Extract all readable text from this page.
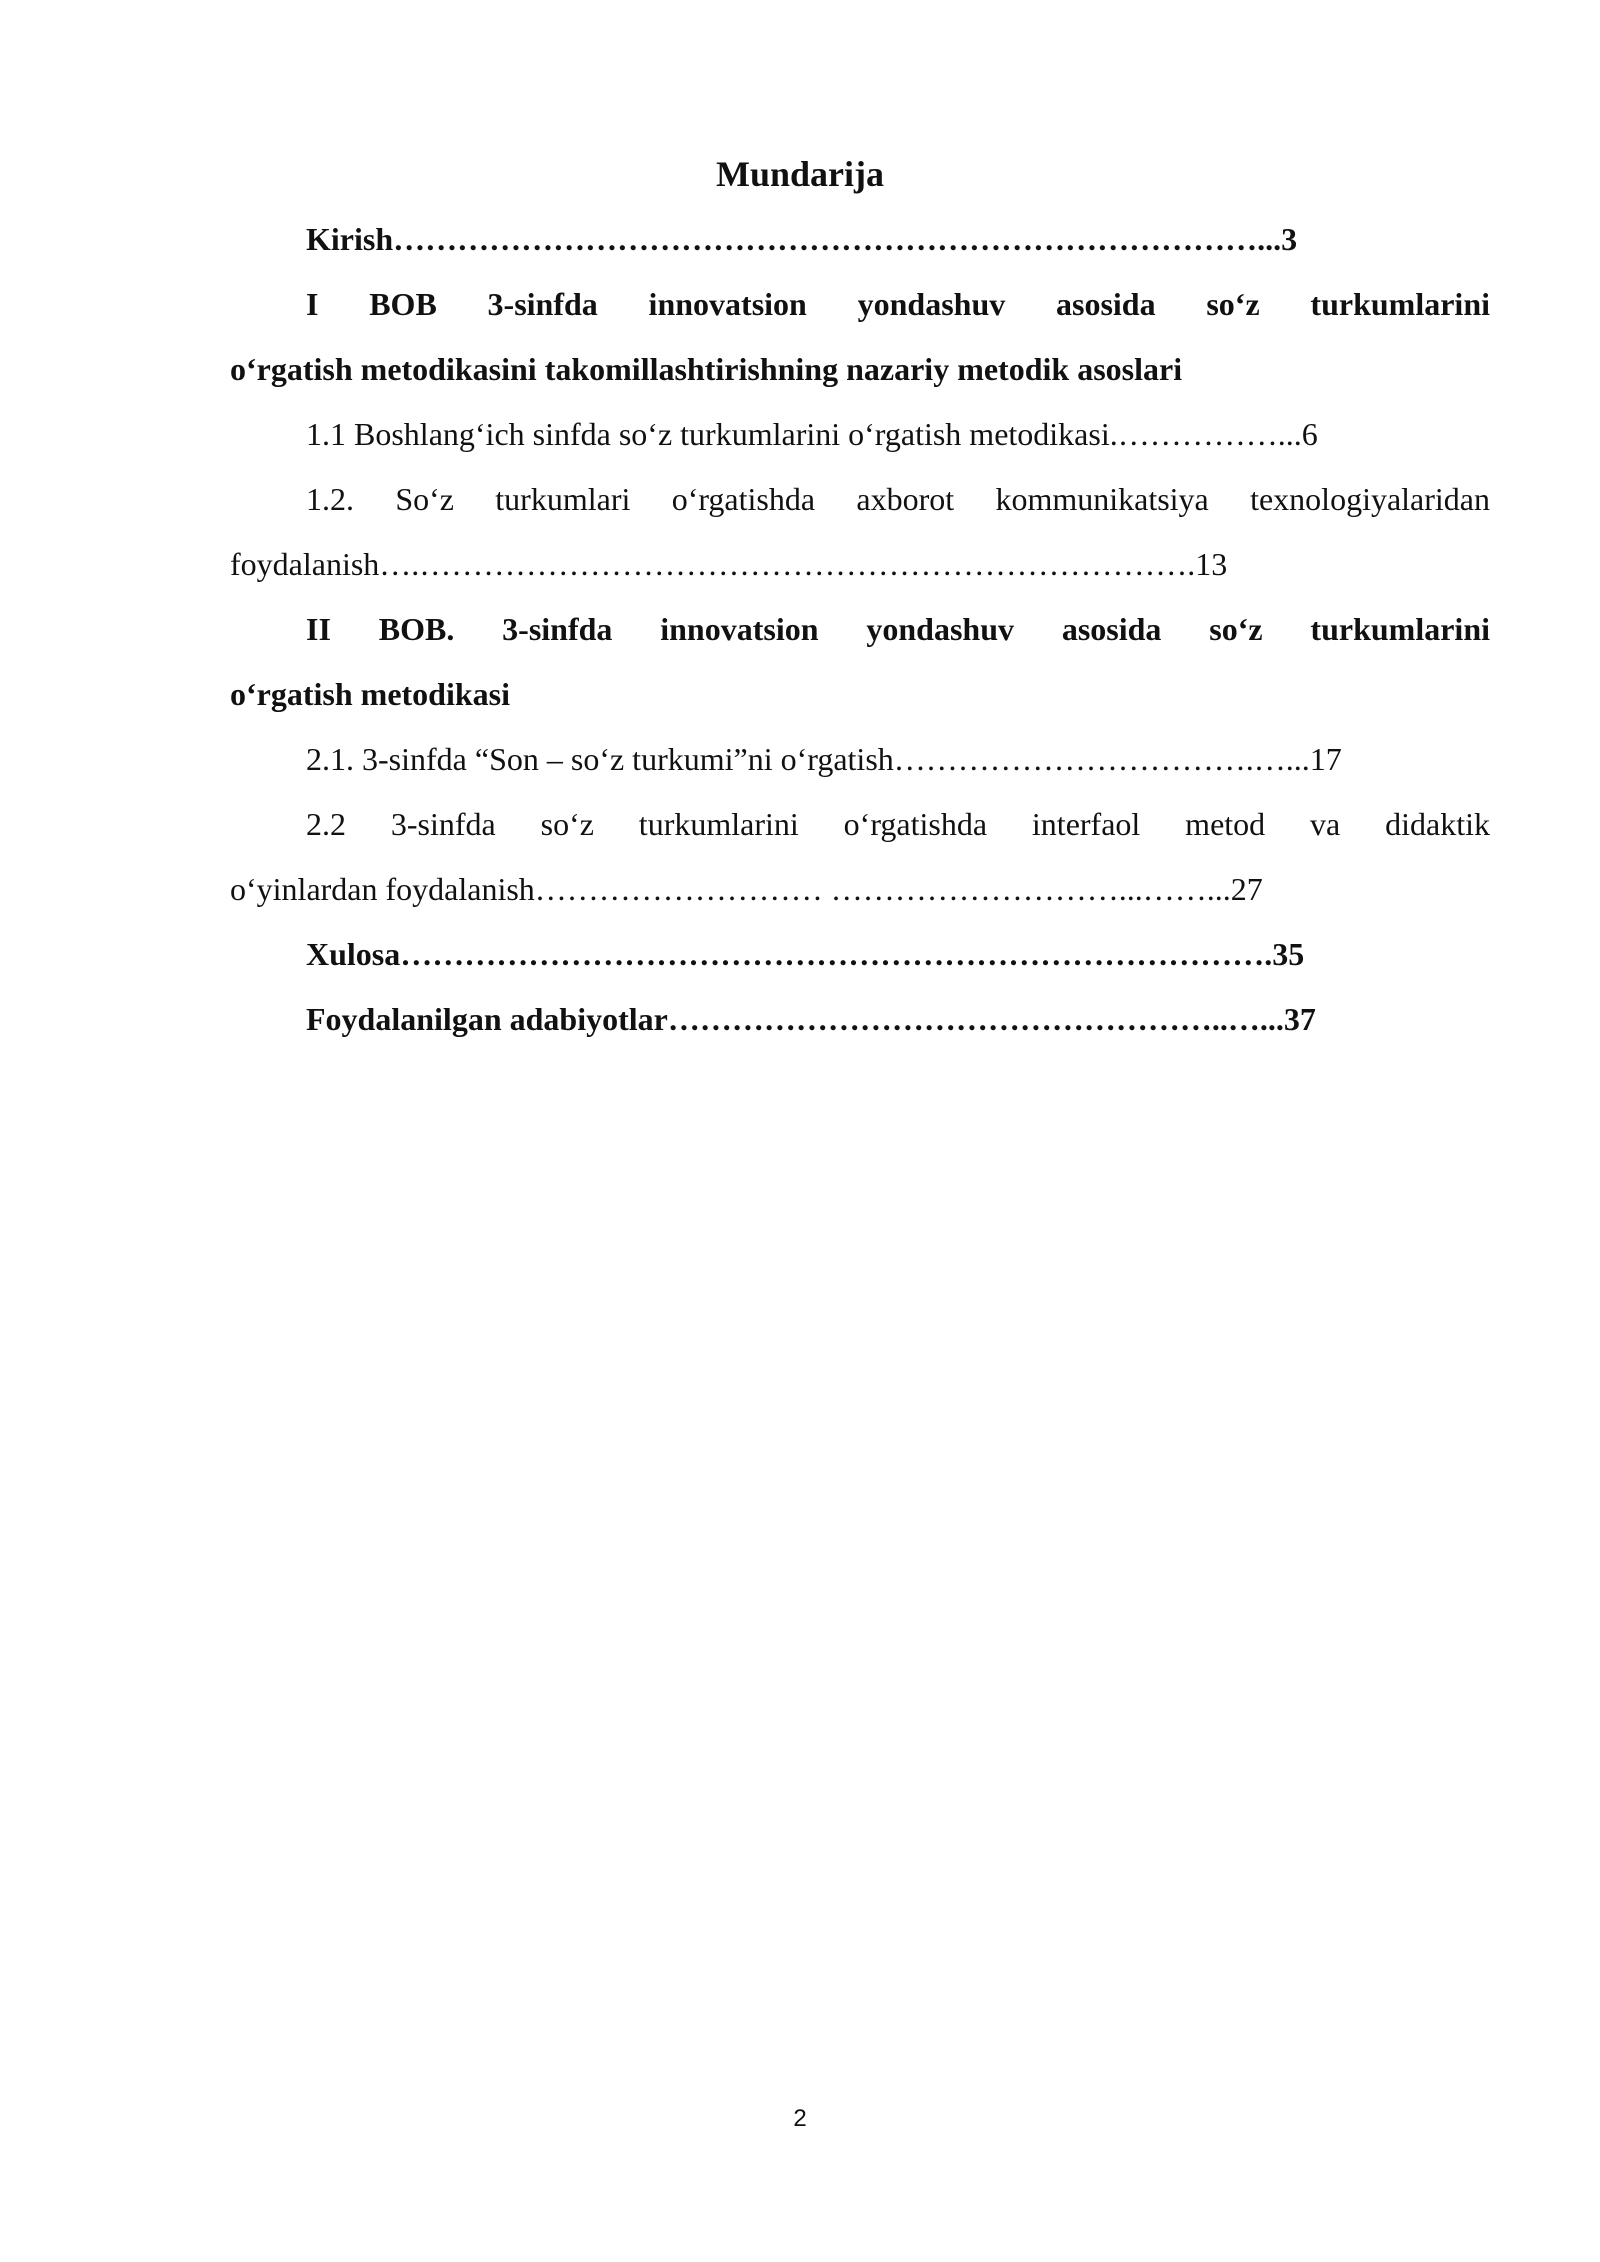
Mundarija
Kirish………………………………………………………………………...3
I BOB 3-sinfda innovatsion yondashuv asosida so‘z turkumlarini
o‘rgatish metodikasini takomillashtirishning nazariy metodik asoslari
1.1 Boshlang‘ich sinfda so‘z turkumlarini o‘rgatish metodikasi.……………...6
1.2. So‘z turkumlari o‘rgatishda axborot kommunikatsiya texnologiyalaridan
foydalanish….……………………………………………………………….13
II BOB. 3-sinfda innovatsion yondashuv asosida so‘z turkumlarini
o‘rgatish metodikasi
2.1. 3-sinfda “Son – so‘z turkumi”ni o‘rgatish…………………………….…...17
2.2 3-sinfda so‘z turkumlarini o‘rgatishda interfaol metod va didaktik
o‘yinlardan foydalanish……………………… ………………………...……...27
Xulosa……………………………………………………………………….35
Foydalanilgan adabiyotlar……………………………………………..…...37
2
